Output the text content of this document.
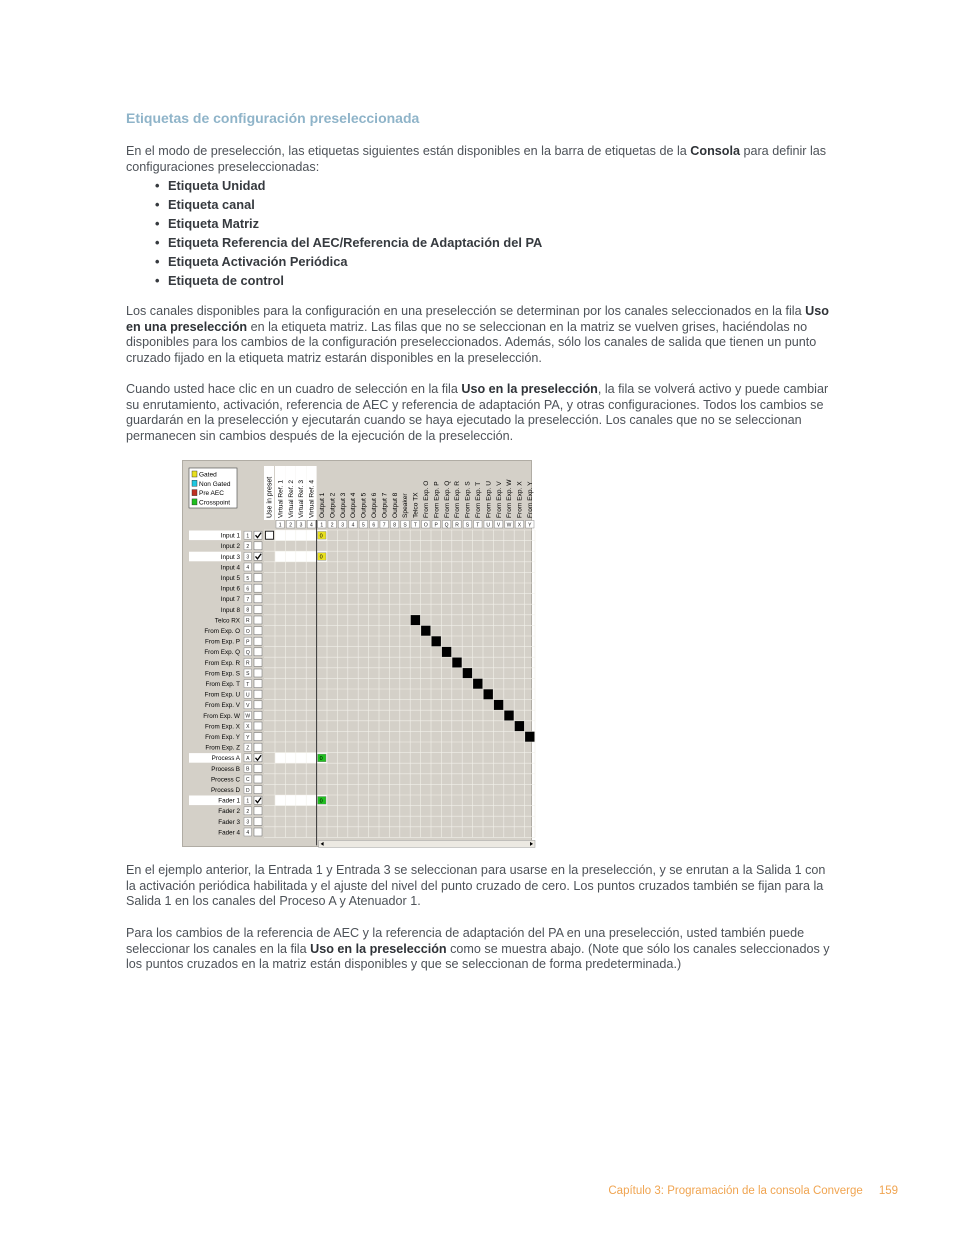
Etiquetas de configuración preseleccionada
En el modo de preselección, las etiquetas siguientes están disponibles en la barra de etiquetas de la Consola para definir las configuraciones preseleccionadas:
• Etiqueta Unidad
• Etiqueta canal
• Etiqueta Matriz
• Etiqueta Referencia del AEC/Referencia de Adaptación del PA
• Etiqueta Activación Periódica
• Etiqueta de control
Los canales disponibles para la configuración en una preselección se determinan por los canales seleccionados en la fila Uso en una preselección en la etiqueta matriz. Las filas que no se seleccionan en la matriz se vuelven grises, haciéndolas no disponibles para los cambios de la configuración preseleccionados. Además, sólo los canales de salida que tienen un punto cruzado fijado en la etiqueta matriz estarán disponibles en la preselección.
Cuando usted hace clic en un cuadro de selección en la fila Uso en la preselección, la fila se volverá activo y puede cambiar su enrutamiento, activación, referencia de AEC y referencia de adaptación PA, y otras configuraciones. Todos los cambios se guardarán en la preselección y ejecutarán cuando se haya ejecutado la preselección. Los canales que no se seleccionan permanecen sin cambios después de la ejecución de la preselección.
Gated
Non Gated
Pre AEC
Crosspoint	Use in preset Virtual Ref. 1
1
Virtual Ref. 2
2
Virtual Ref. 3
3
Virtual Ref. 4
4
Output 1
1
Output 2
2
Output 3
3
Output 4
4
Output 5
5
Output 6
6
Output 7
7
Output 8
8
Speaker
S
Telco TX
T
From Exp. O
O
From Exp. P
P
From Exp. Q
Q
From Exp. R
R
From Exp. S
S
From Exp. T
T
From Exp. U
U
From Exp. V
V
From Exp. W
W
From Exp. X
X
From Exp. Y
Y
Input 1 1
Input 2 2
Input 3 3
Input 4 4
Input 5 5
Input 6 6
Input 7 7
Input 8 8
Telco RX R
From Exp. O O
From Exp. P P
From Exp. Q Q
From Exp. R R
From Exp. S S
From Exp. T T
From Exp. U U
From Exp. V V
From Exp. W W
From Exp. X X
From Exp. Y Y
From Exp. Z Z
Process A A
Process B B
Process C C
Process D D
Fader 1 1
Fader 2 2
Fader 3 3
Fader 4 4
0
0
0
0
En el ejemplo anterior, la Entrada 1 y Entrada 3 se seleccionan para usarse en la preselección, y se enrutan a la Salida 1 con la activación periódica habilitada y el ajuste del nivel del punto cruzado de cero. Los puntos cruzados también se fijan para la Salida 1 en los canales del Proceso A y Atenuador 1.
Para los cambios de la referencia de AEC y la referencia de adaptación del PA en una preselección, usted también puede seleccionar los canales en la fila Uso en la preselección como se muestra abajo. (Note que sólo los canales seleccionados y los puntos cruzados en la matriz están disponibles y que se seleccionan de forma predeterminada.)
Capítulo 3: Programación de la consola Converge 159
